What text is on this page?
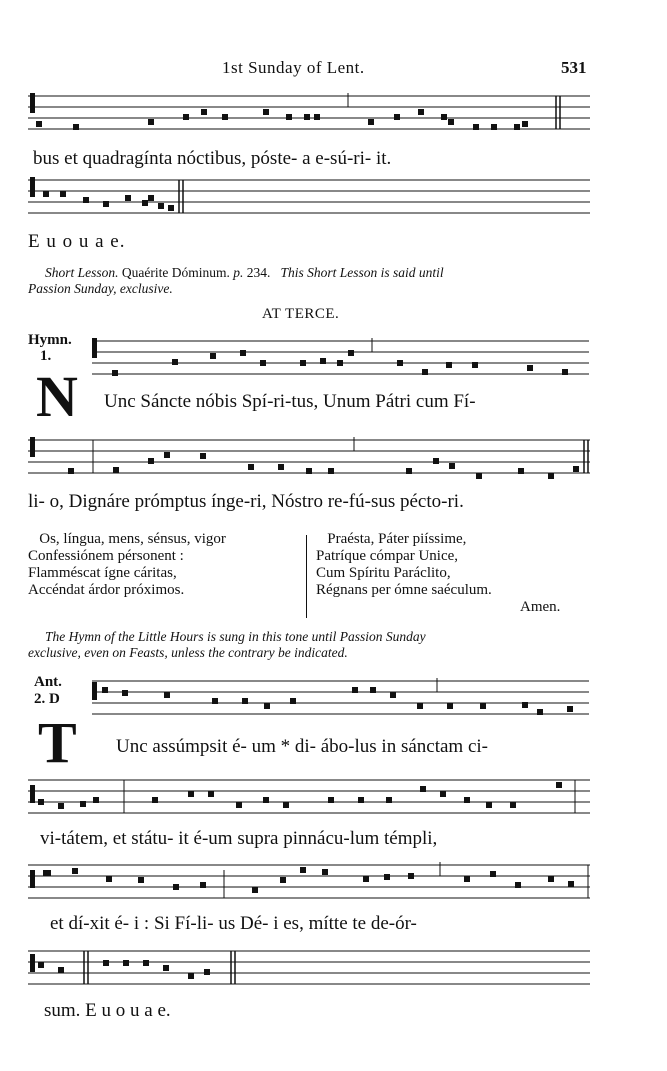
1st Sunday of Lent.	531
bus et quadragínta nóctibus, póste- a e-sú-ri- it.
E u o u a e.
Short Lesson. Quaérite Dóminum. p. 234. This Short Lesson is said until
Passion Sunday, exclusive.
AT TERCE.
Hymn.
1.
N Unc Sáncte nóbis Spí-ri-tus, Unum Pátri cum Fí-
li- o, Dignáre prómptus ínge-ri, Nóstro re-fú-sus pécto-ri.
Os, língua, mens, sénsus, vigor
Confessiónem pérsonent :
Flamméscat ígne cáritas,
Accéndat árdor próximos.
Praésta, Páter piíssime,
Patríque cómpar Unice,
Cum Spíritu Paráclito,
Régnans per ómne saéculum.
Amen.
The Hymn of the Little Hours is sung in this tone until Passion Sunday
exclusive, even on Feasts, unless the contrary be indicated.
Ant.
2. D
T Unc assúmpsit é- um * di- ábo-lus in sánctam ci-
vi-tátem, et státu- it é-um supra pinnácu-lum témpli,
et dí-xit é- i : Si Fí-li- us Dé- i es, mítte te de-ór-
sum. E u o u a e.
